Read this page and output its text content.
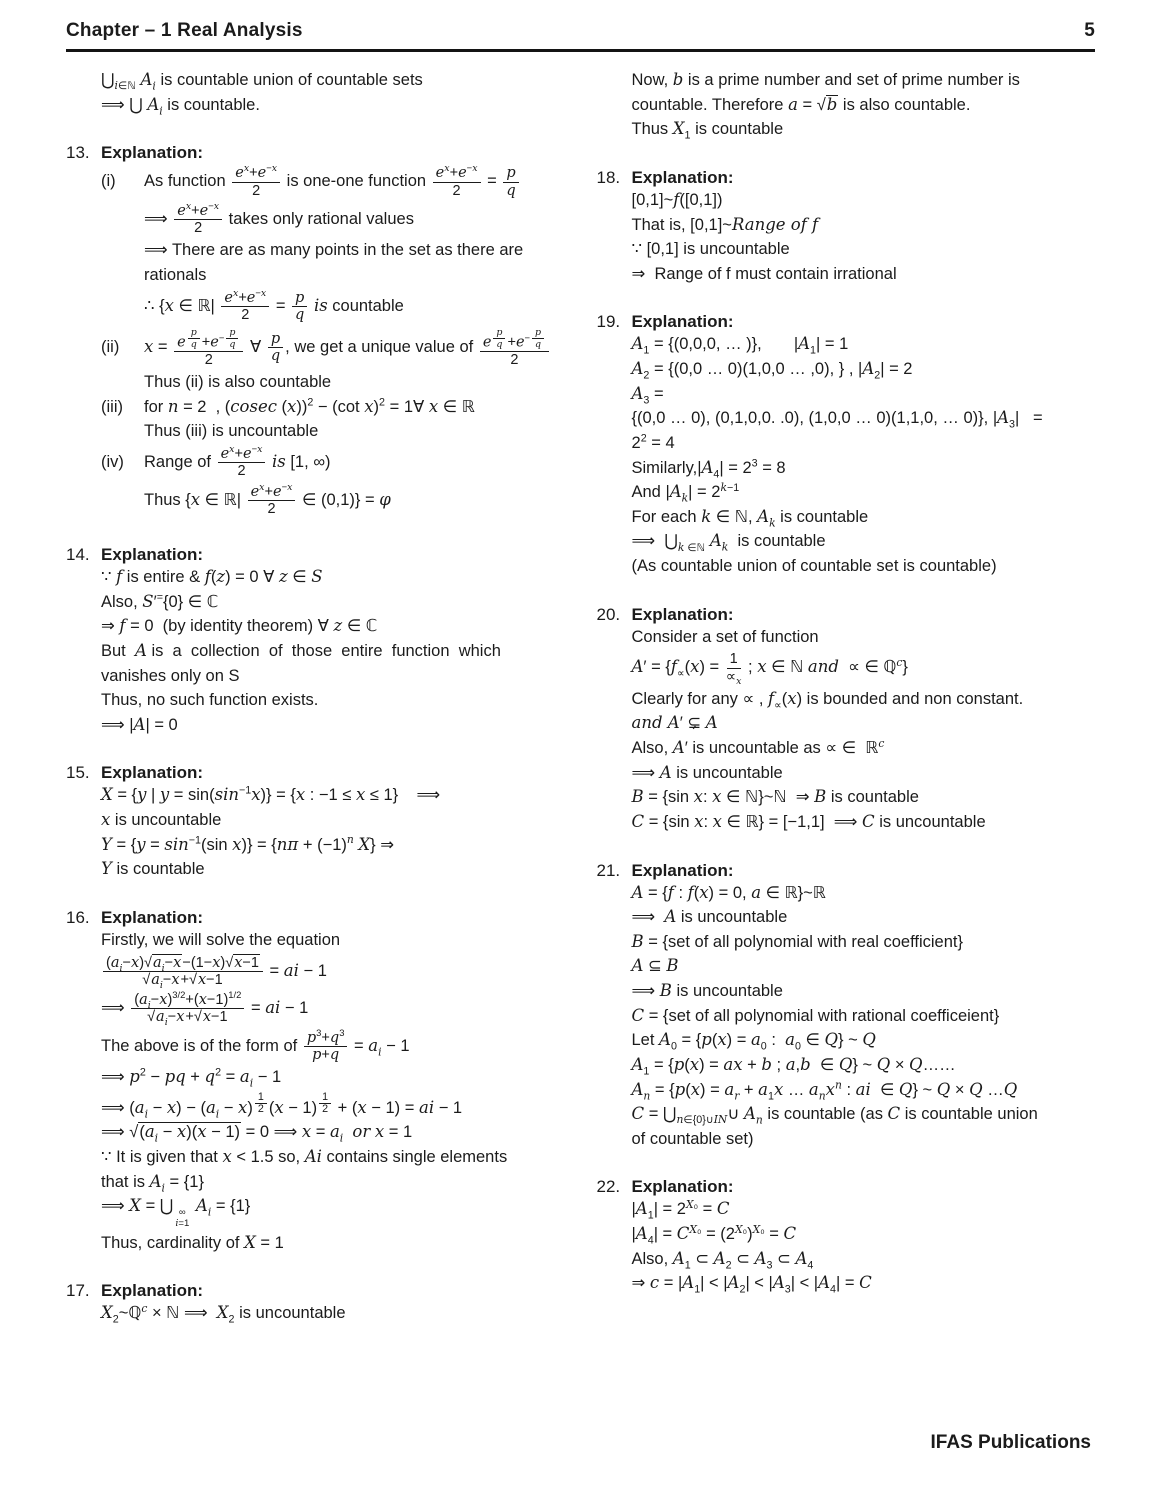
Chapter – 1 Real Analysis	5
$⋃_{i\in ℕ}$ $A_i$ is countable union of countable sets
⟹ ⋃ $A_i$ is countable.
13. Explanation:
(i) As function $\frac{e^x+e^{-x}}{2}$ is one-one function $\frac{e^x+e^{-x}}{2} = \frac{p}{q}$
⟹ $\frac{e^x+e^{-x}}{2}$ takes only rational values
⟹ There are as many points in the set as there are
rationals
∴ {x ∈ ℝ| $\frac{e^x+e^{-x}}{2} = \frac{p}{q}$ is countable
(ii) x = e $^{\frac{p}{q}} +e^{- \frac{p}{q}}$
2
∀ $\frac{p}{q}$ , we get a unique value of e $^{\frac{p}{q}} +e^{- \frac{p}{q}}$
2
Thus (ii) is also countable
(iii) for n = 2  , (cosec (x))$^2$ − (cot x)$^2$ = 1∀ x ∈ ℝ
Thus (iii) is uncountable
(iv) Range of $\frac{e^x+e^{-x}}{2}$ is [1, ∞)
Thus {x ∈ ℝ| $\frac{e^x+e^{-x}}{2}$ ∈ (0,1)} = φ
14. Explanation:
∵ f is entire & f(z) = 0 ∀ z ∈ S
Also, S′={0} ∈ ℂ
⇒ f = 0  (by identity theorem) ∀ z ∈ ℂ
But  A is  a  collection  of  those  entire  function  which
vanishes only on S
Thus, no such function exists.
⟹ |A| = 0
15. Explanation:
X = {y | $y = \sin(\sin^{-1}x)\} = \{x$ : −1 ≤ x ≤ 1}    ⟹
x is uncountable
$Y = \{y = \sin^{-1}(\sin$ $x)\} = \{n\pi + (-1)^n$ X} ⇒
Y is countable
16. Explanation:
Firstly, we will solve the equation
$\frac{(a_i-x)√a_i-x-(1-x)√x-1}{√a_i-x+√x-1}$ = ai − 1
⟹ $\frac{(a_i-x)^{3/2}+(x-1)^{1/2}}{√a_i-x+√x-1}$ = ai − 1
The above is of the form of $\frac{p^3+q^3}{p+q} = a_i - 1$
⟹ $p^2$ − pq + $q^2 = a_i - 1$
⟹ $(a_i - x) - (a_i - x)$ $^{\frac{1}{2}}$ (x − 1) $^{\frac{1}{2}}$ + (x − 1) = ai − 1
⟹ $√(a_i - x)(x - 1) = 0$ ⟹ $x = a_i$ or x = 1
∵ It is given that x < 1.5 so, Ai contains single elements
that is $A_i = \{1\}$
⟹ X = ⋃ ∞
i=1
$A_i = \{1\}$
Thus, cardinality of X = 1
17. Explanation:
$X_2\sim ℚ^c$ × ℕ ⟹  $X_2$ is uncountable
Now, b is a prime number and set of prime number is
countable. Therefore a = √b is also countable.
Thus $X_1$ is countable
18. Explanation:
[0,1]~f([0,1])
That is, [0,1]~Range of f
∵ [0,1] is uncountable
⇒  Range of f must contain irrational
19. Explanation:
$A_1 = \{(0,0,0$, … )},       $|A_1| = 1$
$A_2 = \{(0,0$ … 0)(1,0,0 … ,0), } , $|A_2| = 2$
$A_3$ =
{(0,0 … 0), (0,1,0,0. .0), (1,0,0 … 0)(1,1,0, … 0)}, $|A_3|$   =
$2^2 = 4$
$Similarly,|A_4| = 2^3 = 8$
And $|A_k| = 2^{k-1}$
For each k ∈ ℕ, $A_k$ is countable
⟹  $⋃_{k \in ℕ}$ $A_k$  is countable
(As countable union of countable set is countable)
20. Explanation:
Consider a set of function
$A' = \{f_\propto(x) = \frac{1}{\propto_x}$ ; x ∈ ℕ and  ∝ ∈ ℚ$^c$}
Clearly for any ∝ , $f_\propto(x)$ is bounded and non constant.
and A′ ⊊ A
Also, A′ is uncountable as ∝ ∈  ℝ$^c$
⟹ A is uncountable
B = {sin x: x ∈ ℕ}~ℕ  ⇒ B is countable
C = {sin x: x ∈ ℝ} = [−1,1]  ⟹ C is uncountable
21. Explanation:
A = {f : f(x) = 0, a ∈ ℝ}~ℝ
⟹  A is uncountable
B = {set of all polynomial with real coefficient}
A ⊆ B
⟹ B is uncountable
C = {set of all polynomial with rational coefficeient}
Let $A_0 = \{p(x) = a_0$ :  $a_0$ ∈ Q} ~ Q
$A_1 = \{p(x)$ = ax + b ; a,b  ∈ Q} ~ Q × Q……
$A_n = \{p(x) = a_r + a_1x$ … $a_nx^n$ : ai  ∈ Q} ~ Q × Q …Q
$C = ⋃_{n\in\{0\}\cup IN}\cup$ $A_n$ is countable (as C is countable union
of countable set)
22. Explanation:
$|A_1| = 2^{X_0} = C$
$|A_4| = C^{X_0} = (2^{X_0})^{X_0} = C$
Also, $A_1$ ⊂ $A_2$ ⊂ $A_3$ ⊂ $A_4$
⇒ $c = |A_1| < |A_2| < |A_3| < |A_4| = C$
IFAS Publications
